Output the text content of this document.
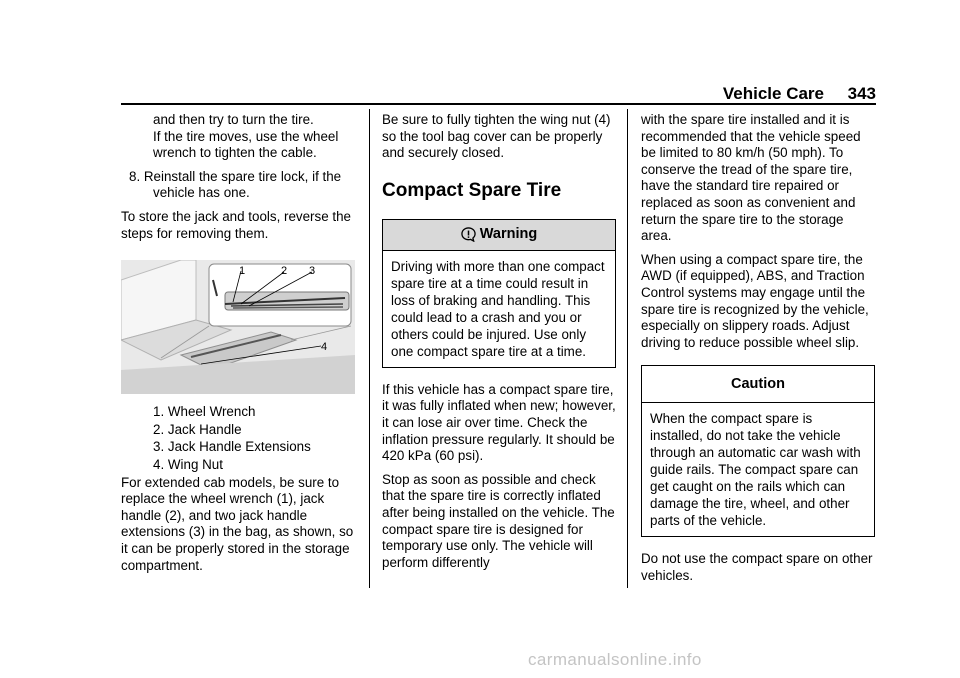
Vehicle Care 343
and then try to turn the tire.
If the tire moves, use the wheel wrench to tighten the cable.
8. Reinstall the spare tire lock, if the vehicle has one.
To store the jack and tools, reverse the steps for removing them.
1	2 3
4
1. Wheel Wrench
2. Jack Handle
3. Jack Handle Extensions
4. Wing Nut
For extended cab models, be sure to replace the wheel wrench (1), jack handle (2), and two jack handle extensions (3) in the bag, as shown, so it can be properly stored in the storage compartment.
Be sure to fully tighten the wing nut (4) so the tool bag cover can be properly and securely closed.
Compact Spare Tire
Warning
Driving with more than one compact spare tire at a time could result in loss of braking and handling. This could lead to a crash and you or others could be injured. Use only one compact spare tire at a time.
If this vehicle has a compact spare tire, it was fully inflated when new; however, it can lose air over time. Check the inflation pressure regularly. It should be 420 kPa (60 psi).
Stop as soon as possible and check that the spare tire is correctly inflated after being installed on the vehicle. The compact spare tire is designed for temporary use only. The vehicle will perform differently
with the spare tire installed and it is recommended that the vehicle speed be limited to 80 km/h (50 mph). To conserve the tread of the spare tire, have the standard tire repaired or replaced as soon as convenient and return the spare tire to the storage area.
When using a compact spare tire, the AWD (if equipped), ABS, and Traction Control systems may engage until the spare tire is recognized by the vehicle, especially on slippery roads. Adjust driving to reduce possible wheel slip.
Caution
When the compact spare is installed, do not take the vehicle through an automatic car wash with guide rails. The compact spare can get caught on the rails which can damage the tire, wheel, and other parts of the vehicle.
Do not use the compact spare on other vehicles.
carmanualsonline.info
